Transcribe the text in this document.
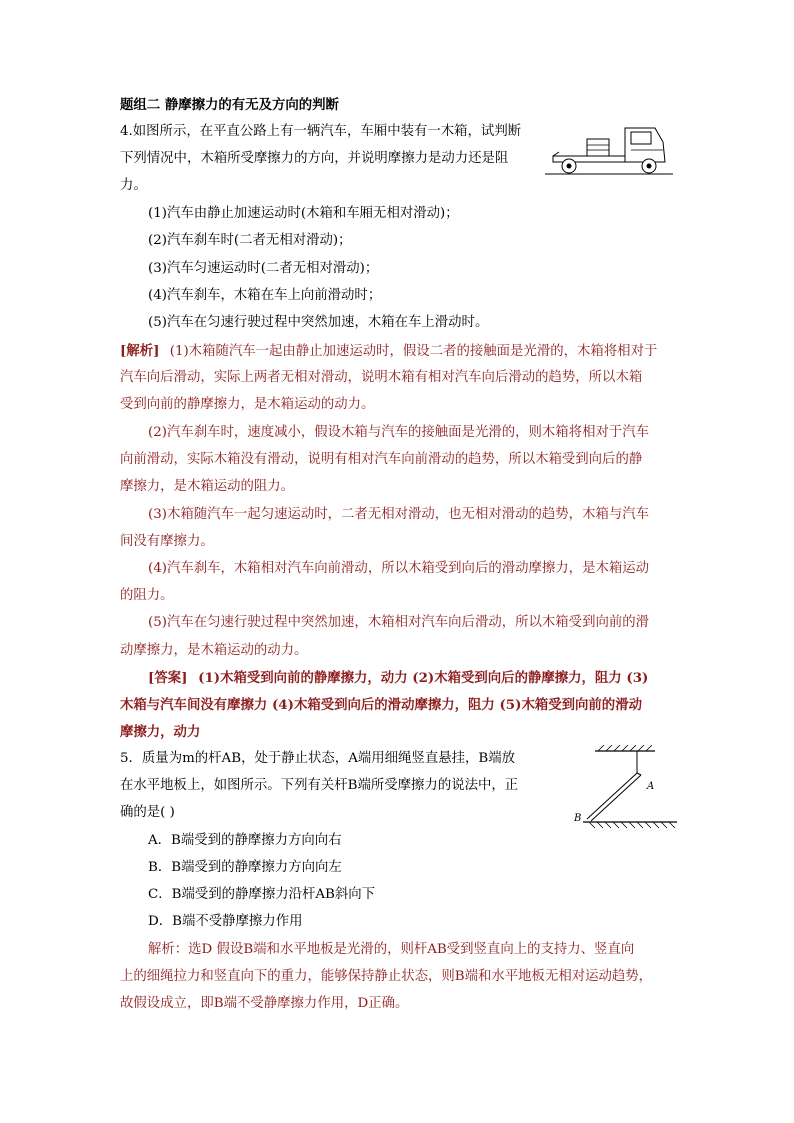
题组二 静摩擦力的有无及方向的判断
4.如图所示，在平直公路上有一辆汽车，车厢中装有一木箱，试判断
下列情况中，木箱所受摩擦力的方向，并说明摩擦力是动力还是阻
力。
(1)汽车由静止加速运动时(木箱和车厢无相对滑动)；
(2)汽车刹车时(二者无相对滑动)；
(3)汽车匀速运动时(二者无相对滑动)；
(4)汽车刹车，木箱在车上向前滑动时；
(5)汽车在匀速行驶过程中突然加速，木箱在车上滑动时。
[解析] (1)木箱随汽车一起由静止加速运动时，假设二者的接触面是光滑的，木箱将相对于
汽车向后滑动，实际上两者无相对滑动，说明木箱有相对汽车向后滑动的趋势，所以木箱
受到向前的静摩擦力，是木箱运动的动力。
(2)汽车刹车时，速度减小，假设木箱与汽车的接触面是光滑的，则木箱将相对于汽车
向前滑动，实际木箱没有滑动，说明有相对汽车向前滑动的趋势，所以木箱受到向后的静
摩擦力，是木箱运动的阻力。
(3)木箱随汽车一起匀速运动时，二者无相对滑动，也无相对滑动的趋势，木箱与汽车
间没有摩擦力。
(4)汽车刹车，木箱相对汽车向前滑动，所以木箱受到向后的滑动摩擦力，是木箱运动
的阻力。
(5)汽车在匀速行驶过程中突然加速，木箱相对汽车向后滑动，所以木箱受到向前的滑
动摩擦力，是木箱运动的动力。
[答案] (1)木箱受到向前的静摩擦力，动力 (2)木箱受到向后的静摩擦力，阻力 (3)
木箱与汽车间没有摩擦力 (4)木箱受到向后的滑动摩擦力，阻力 (5)木箱受到向前的滑动
摩擦力，动力
5．质量为m的杆AB，处于静止状态，A端用细绳竖直悬挂，B端放
在水平地板上，如图所示。下列有关杆B端所受摩擦力的说法中，正
确的是( )
A
B
A．B端受到的静摩擦力方向向右
B．B端受到的静摩擦力方向向左
C．B端受到的静摩擦力沿杆AB斜向下
D．B端不受静摩擦力作用
解析：选D 假设B端和水平地板是光滑的，则杆AB受到竖直向上的支持力、竖直向
上的细绳拉力和竖直向下的重力，能够保持静止状态，则B端和水平地板无相对运动趋势，
故假设成立，即B端不受静摩擦力作用，D正确。
